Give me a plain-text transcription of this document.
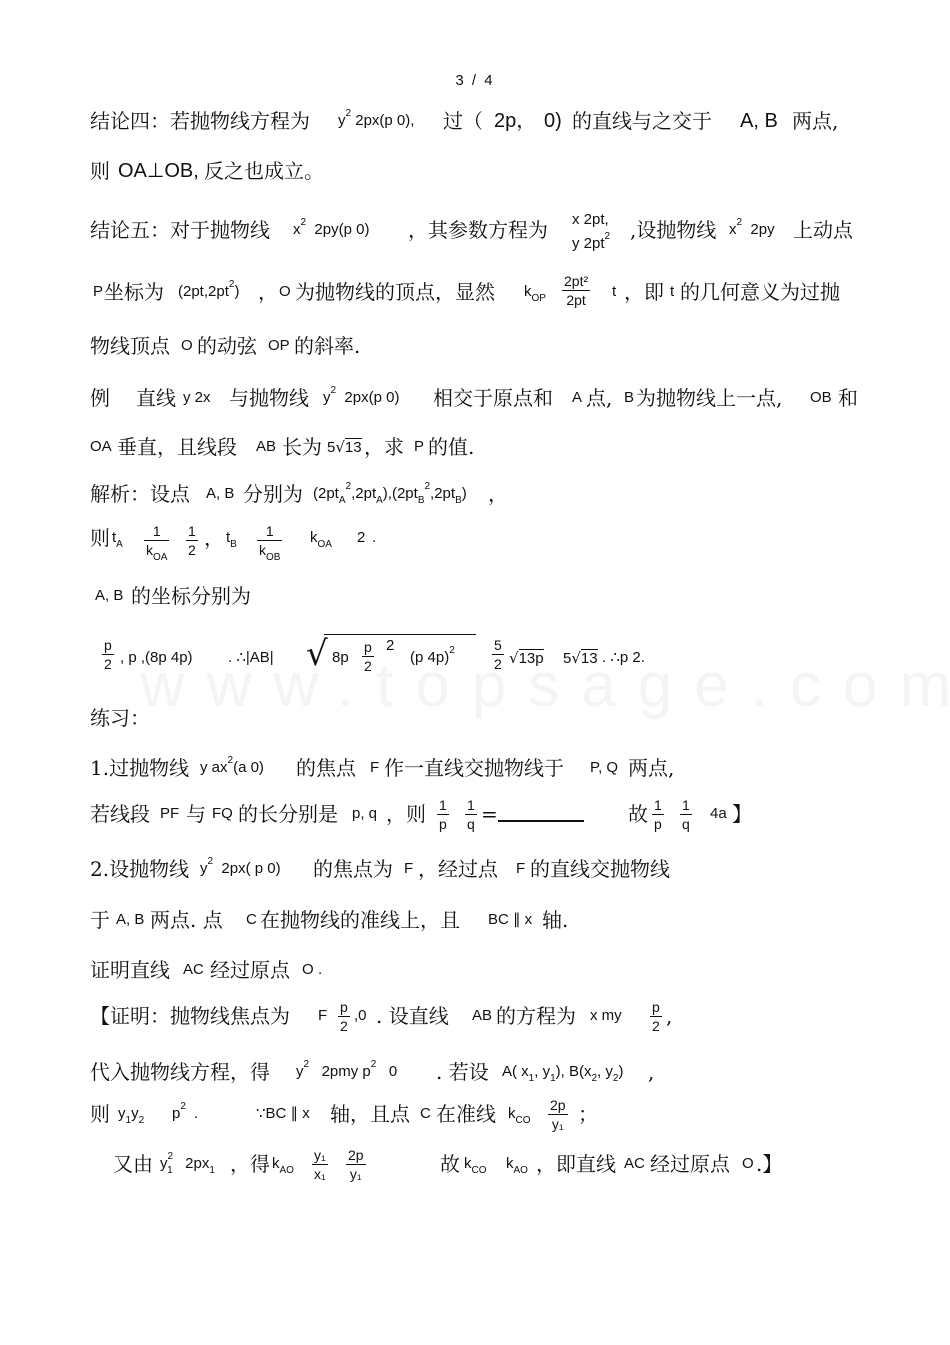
3 / 4
结论四：若抛物线方程为 $y^2$ 2px(p 0), 过（ 2p， 0) 的直线与之交于 A, B 两点,
则 OA⊥OB, 反之也成立。
结论五：对于抛物线 $x^2$ 2py(p 0) ，其参数方程为 x 2pt,
y $2pt^2$ ,设抛物线 $x^2$ 2py 上动点
P 坐标为 $(2pt,2pt^2)$ ， O 为抛物线的顶点，显然 $k_{OP} \frac{\text{2pt²}}{2pt}$ t ，即 t 的几何意义为过抛
物线顶点 O 的动弦 OP 的斜率.
例 直线 y 2x 与抛物线 $y^2$ 2px(p 0) 相交于原点和 A 点, B 为抛物线上一点, OB 和
OA 垂直，且线段 AB 长为 5√13 ，求 P 的值.
解析：设点 A, B 分别为 $(2pt_A^2,2pt_A),(2pt_B^2,2pt_B)$ ，
则 $t_A$
1
$k_{OA} \frac{1}{2}$ ， $t_B$
1
$k_{OB}$
$k_{OA}$ 2 .
A, B 的坐标分别为
$\frac{p}{2}$ , p ,(8p 4p) . ∴|AB| √ $8p \frac{p}{2} 2$
(p 4p)$^2$	$\frac{5}{2} √13p$ 5√13 . ∴p 2.
练习：
1.过抛物线 y $ax^2(a$ 0) 的焦点 F 作一直线交抛物线于 P, Q 两点,
若线段 PF 与 FQ 的长分别是 p, q ，则 $\frac{1}{p} \frac{1}{q}$ =	故 $\frac{1}{p} \frac{1}{q} 4a$ 】
2.设抛物线 $y^2$ 2px( p 0) 的焦点为 F ，经过点 F 的直线交抛物线
于 A, B 两点. 点 C 在抛物线的准线上，且 BC ∥ x 轴.
证明直线 AC 经过原点 O .
【证明：抛物线焦点为 F $\frac{p}{2} ,0$ . 设直线 AB 的方程为 x my $\frac{p}{2}$ ,
代入抛物线方程，得 $y^2$ 2pmy $p^2$ 0 . 若设 A( $x_1$, $y_1$), $B(x_2$, $y_2$) ,
则 $y_1y_2$ $p^2$ .	∵BC ∥ x 轴，且点 C 在准线 $k_{CO} \frac{2p}{\text{y₁}}$ ；
又由 $y^2_1$ $2px_1$ ，得 $k_{AO} \frac{\text{y₁}}{\text{x₁}} \frac{2p}{\text{y₁}}$	故 $k_{CO}$ $k_{AO}$ ，即直线 AC 经过原点 O .】
